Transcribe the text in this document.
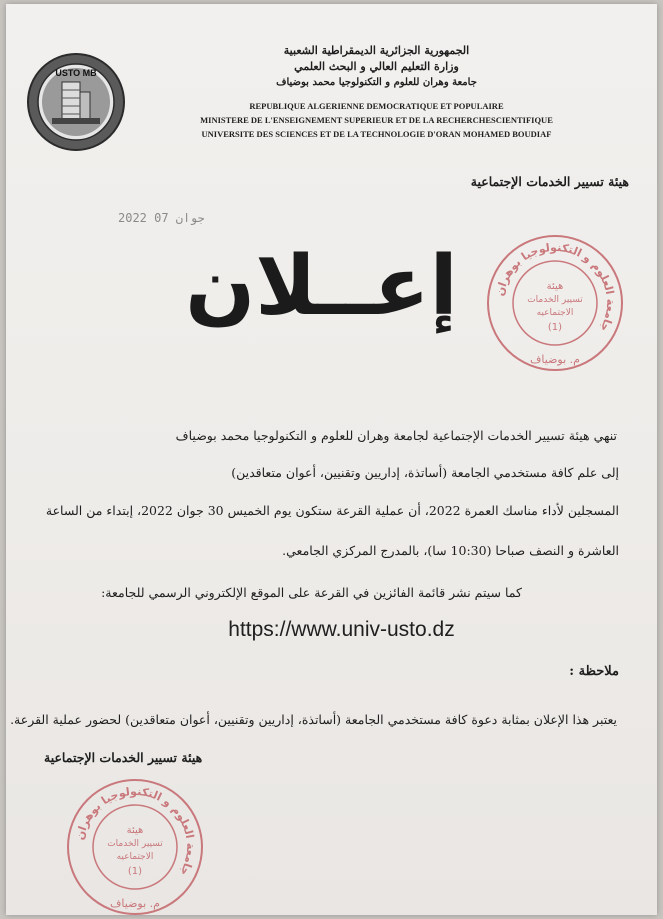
USTO MB
الجمهورية الجزائرية الديمقراطية الشعبية
وزارة التعليم العالي و البحث العلمي
جامعة وهران للعلوم و التكنولوجيا محمد بوضياف
REPUBLIQUE ALGERIENNE DEMOCRATIQUE ET POPULAIRE
MINISTERE DE L'ENSEIGNEMENT SUPERIEUR ET DE LA RECHERCHESCIENTIFIQUE
UNIVERSITE DES SCIENCES ET DE LA TECHNOLOGIE D'ORAN MOHAMED BOUDIAF
هيئة تسيير الخدمات الإجتماعية
2022 جوان 07
إعــلان	جامعة العلوم و التكنولوجيا بوهران
م. بوضياف
هيئة
تسيير الخدمات
الاجتماعيه
(1)
تنهي هيئة تسيير الخدمات الإجتماعية لجامعة وهران للعلوم و التكنولوجيا محمد بوضياف
إلى علم كافة مستخدمي الجامعة (أساتذة، إداريين وتقنيين، أعوان متعاقدين)
المسجلين لأداء مناسك العمرة 2022، أن عملية القرعة ستكون يوم الخميس 30 جوان 2022، إبتداء من الساعة
العاشرة و النصف صباحا (10:30 سا)، بالمدرج المركزي الجامعي.
كما سيتم نشر قائمة الفائزين في القرعة على الموقع الإلكتروني الرسمي للجامعة:
https://www.univ-usto.dz
ملاحظة :
يعتبر هذا الإعلان بمثابة دعوة كافة مستخدمي الجامعة (أساتذة، إداريين وتقنيين، أعوان متعاقدين) لحضور عملية القرعة.
هيئة تسيير الخدمات الإجتماعية
جامعة العلوم و التكنولوجيا بوهران
م. بوضياف
هيئة
تسيير الخدمات
الاجتماعيه
(1)
